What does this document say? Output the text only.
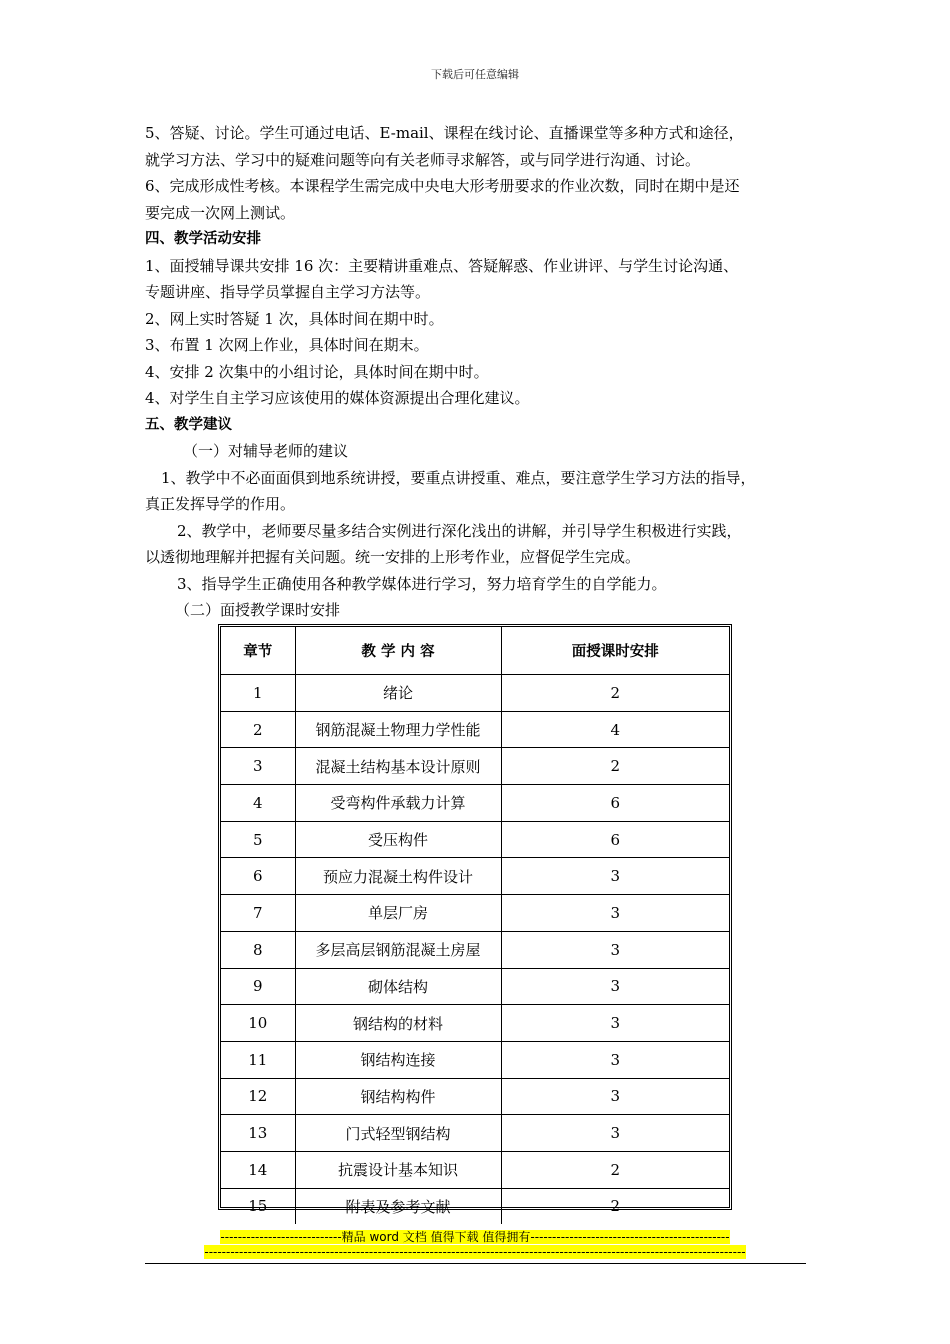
下载后可任意编辑
5、答疑、讨论。学生可通过电话、E-mail、课程在线讨论、直播课堂等多种方式和途径，
就学习方法、学习中的疑难问题等向有关老师寻求解答，或与同学进行沟通、讨论。
6、完成形成性考核。本课程学生需完成中央电大形考册要求的作业次数，同时在期中是还
要完成一次网上测试。
四、教学活动安排
1、面授辅导课共安排 16 次：主要精讲重难点、答疑解惑、作业讲评、与学生讨论沟通、
专题讲座、指导学员掌握自主学习方法等。
2、网上实时答疑 1 次，具体时间在期中时。
3、布置 1 次网上作业，具体时间在期末。
4、安排 2 次集中的小组讨论，具体时间在期中时。
4、对学生自主学习应该使用的媒体资源提出合理化建议。
五、教学建议
（一）对辅导老师的建议
1、教学中不必面面俱到地系统讲授，要重点讲授重、难点，要注意学生学习方法的指导，
真正发挥导学的作用。
2、教学中，老师要尽量多结合实例进行深化浅出的讲解，并引导学生积极进行实践，
以透彻地理解并把握有关问题。统一安排的上形考作业，应督促学生完成。
3、指导学生正确使用各种教学媒体进行学习，努力培育学生的自学能力。
（二）面授教学课时安排
章节	教 学 内 容	面授课时安排
1	绪论	2
2	钢筋混凝土物理力学性能	4
3	混凝土结构基本设计原则	2
4	受弯构件承载力计算	6
5	受压构件	6
6	预应力混凝土构件设计	3
7	单层厂房	3
8	多层高层钢筋混凝土房屋	3
9	砌体结构	3
10	钢结构的材料	3
11	钢结构连接	3
12	钢结构构件	3
13	门式轻型钢结构	3
14	抗震设计基本知识	2
15	附表及参考文献	2
----------------------------精品 word 文档 值得下载 值得拥有----------------------------------------------
-----------------------------------------------------------------------------------------------------------------------------
